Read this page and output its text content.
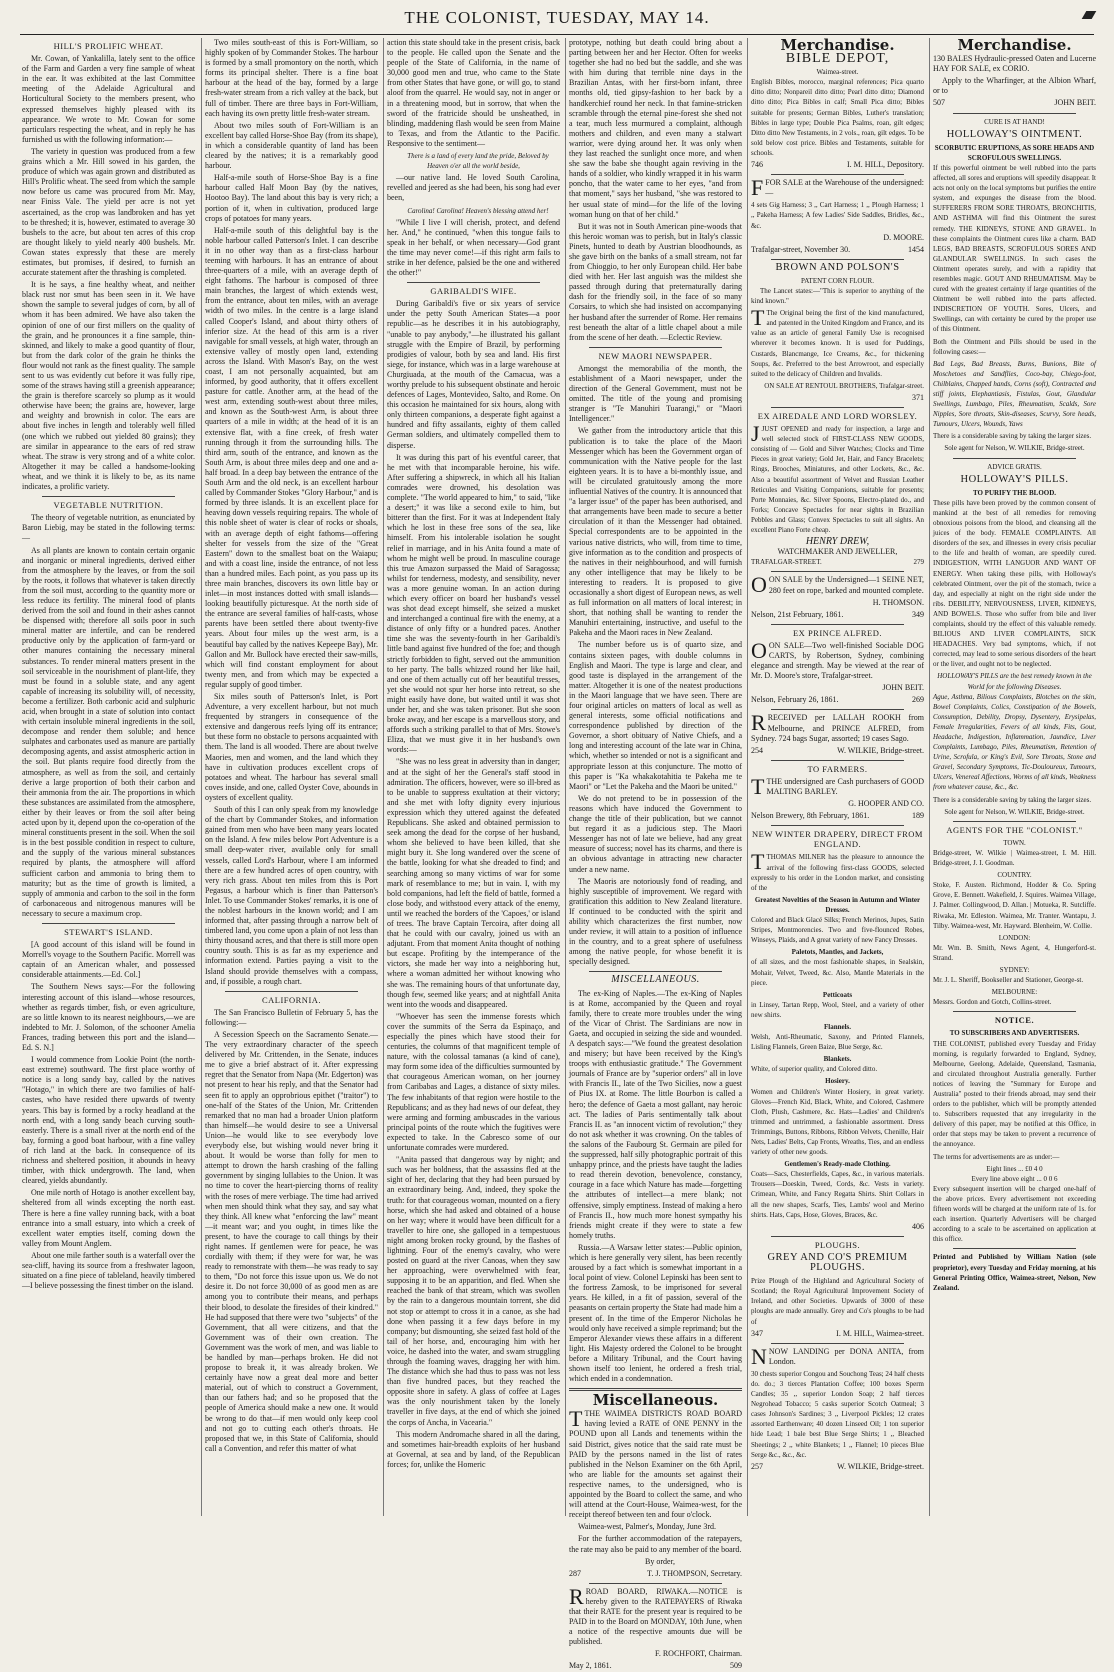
THE COLONIST, TUESDAY, MAY 14.
HILL'S PROLIFIC WHEAT.

Mr. Cowan, of Yankalilla, lately sent to the office of the Farm and Garden a very fine sample of wheat in the ear. It was exhibited at the last Committee meeting of the Adelaide Agricultural and Horticultural Society to the members present, who expressed themselves highly pleased with its appearance. We wrote to Mr. Cowan for some particulars respecting the wheat, and in reply he has furnished us with the following information:—

The variety in question was produced from a few grains which a Mr. Hill sowed in his garden, the produce of which was again grown and distributed as Hill's Prolific wheat. The seed from which the sample now before us came was procured from Mr. May, near Finiss Vale. The yield per acre is not yet ascertained, as the crop was landbroken and has yet to be threshed; it is, however, estimated to average 30 bushels to the acre, but about ten acres of this crop are thought likely to yield nearly 400 bushels. Mr. Cowan states expressly that these are merely estimates, but promises, if desired, to furnish an accurate statement after the thrashing is completed.

It is he says, a fine healthy wheat, and neither black rust nor smut has been seen in it. We have shown the sample to several judges of corn, by all of whom it has been admired. We have also taken the opinion of one of our first millers on the quality of the grain, and he pronounces it a fine sample, thin-skinned, and likely to make a good quantity of flour, but from the dark color of the grain he thinks the flour would not rank as the finest quality. The sample sent to us was evidently cut before it was fully ripe, some of the straws having still a greenish appearance; the grain is therefore scarcely so plump as it would otherwise have been; the grains are, however, large and weighty and brownish in color. The ears are about five inches in length and tolerably well filled (one which we rubbed out yielded 80 grains); they are similar in appearance to the ears of red straw wheat. The straw is very strong and of a white color. Altogether it may be called a handsome-looking wheat, and we think it is likely to be, as its name indicates, a prolific variety.

VEGETABLE NUTRITION.

The theory of vegetable nutrition, as enunciated by Baron Liebig, may be stated in the following terms:—

As all plants are known to contain certain organic and inorganic or mineral ingredients, derived either from the atmosphere by the leaves, or from the soil by the roots, it follows that whatever is taken directly from the soil must, according to the quantity more or less reduce its fertility. The mineral food of plants derived from the soil and found in their ashes cannot be dispensed with; therefore all soils poor in such mineral matter are infertile, and can be rendered productive only by the application of farm-yard or other manures containing the necessary mineral substances. To render mineral matters present in the soil serviceable in the nourishment of plant-life, they must be found in a soluble state, and any agent capable of increasing its solubility will, of necessity, become a fertilizer. Both carbonic acid and sulphuric acid, when brought in a state of solution into contact with certain insoluble mineral ingredients in the soil, decompose and render them soluble; and hence sulphates and carbonates used as manure are partially decomposing agents, and assist atmospheric action in the soil. But plants require food directly from the atmosphere, as well as from the soil, and certainly derive a large proportion of both their carbon and their ammonia from the air. The proportions in which these substances are assimilated from the atmosphere, either by their leaves or from the soil after being acted upon by it, depend upon the co-operation of the mineral constituents present in the soil. When the soil is in the best possible condition in respect to culture, and the supply of the various mineral substances required by plants, the atmosphere will afford sufficient carbon and ammonia to bring them to maturity; but as the time of growth is limited, a supply of ammonia and carbon to the soil in the form of carbonaceous and nitrogenous manures will be necessary to secure a maximum crop.

STEWART'S ISLAND.

[A good account of this island will be found in Morrell's voyage to the Southern Pacific. Morrell was captain of an American whaler, and possessed considerable attainments.—Ed. Col.]

The Southern News says:—For the following interesting account of this island—whose resources, whether as regards timber, fish, or even agriculture, are so little known to its nearest neighbours,—we are indebted to Mr. J. Solomon, of the schooner Amelia Frances, trading between this port and the island—Ed. S. N.]

I would commence from Lookie Point (the north-east extreme) southward. The first place worthy of notice is a long sandy bay, called by the natives "Hotago," in which there are two families of half-castes, who have resided there upwards of twenty years. This bay is formed by a rocky headland at the north end, with a long sandy beach curving south-easterly. There is a small river at the north end of the bay, forming a good boat harbour, with a fine valley of rich land at the back. In consequence of its richness and sheltered position, it abounds in heavy timber, with thick undergrowth. The land, when cleared, yields abundantly.

One mile north of Hotago is another excellent bay, sheltered from all winds excepting the north east. There is here a fine valley running back, with a boat entrance into a small estuary, into which a creek of excellent water empties itself, coming down the valley from Mount Anglem.

About one mile farther south is a waterfall over the sea-cliff, having its source from a freshwater lagoon, situated on a fine piece of tableland, heavily timbered—I believe possessing the finest timber on the island.

Two miles south-east of this is Fort-William, so highly spoken of by Commander Stokes. The harbour is formed by a small promontory on the north, which forms its principal shelter. There is a fine boat harbour at the head of the bay, formed by a large fresh-water stream from a rich valley at the back, but full of timber. There are three bays in Fort-William, each having its own pretty little fresh-water stream.

About two miles south of Fort-William is an excellent bay called Horse-Shoe Bay (from its shape), in which a considerable quantity of land has been cleared by the natives; it is a remarkably good harbour.

Half-a-mile south of Horse-Shoe Bay is a fine harbour called Half Moon Bay (by the natives, Hootoo Bay). The land about this bay is very rich; a portion of it, when in cultivation, produced large crops of potatoes for many years.

Half-a-mile south of this delightful bay is the noble harbour called Patterson's Inlet. I can describe it in no other way than as a first-class harbour teeming with harbours. It has an entrance of about three-quarters of a mile, with an average depth of eight fathoms. The harbour is composed of three main branches, the largest of which extends west, from the entrance, about ten miles, with an average width of two miles. In the centre is a large island called Cooper's Island, and about thirty others of inferior size. At the head of this arm is a river navigable for small vessels, at high water, through an extensive valley of mostly open land, extending across the Island. With Mason's Bay, on the west coast, I am not personally acquainted, but am informed, by good authority, that it offers excellent pasture for cattle. Another arm, at the head of the west arm, extending south-west about three miles, and known as the South-west Arm, is about three quarters of a mile in width; at the head of it is an extensive flat, with a fine creek, of fresh water running through it from the surrounding hills. The third arm, south of the entrance, and known as the South Arm, is about three miles deep and one and a-half broad. In a deep bay between the entrance of the South Arm and the old neck, is an excellent harbour called by Commander Stokes "Glory Harbour," and is formed by three islands. It is an excellent place for heaving down vessels requiring repairs. The whole of this noble sheet of water is clear of rocks or shoals, with an average depth of eight fathoms—offering shelter for vessels from the size of the "Great Eastern" down to the smallest boat on the Waiapu; and with a coast line, inside the entrance, of not less than a hundred miles. Each point, as you pass up its three main branches, discovers its own little bay or inlet—in most instances dotted with small islands—looking beautifully picturesque. At the north side of the entrance are several families of half-casts, whose parents have been settled there about twenty-five years. About four miles up the west arm, is a beautiful bay called by the natives Kepeepe Bay), Mr. Gallon and Mr. Bullock have erected their saw-mills, which will find constant employment for about twenty men, and from which may be expected a regular supply of good timber.

Six miles south of Patterson's Inlet, is Port Adventure, a very excellent harbour, but not much frequented by strangers in consequence of the extensive and dangerous reefs lying off its entrance; but these form no obstacle to persons acquainted with them. The land is all wooded. There are about twelve Maories, men and women, and the land which they have in cultivation produces excellent crops of potatoes and wheat. The harbour has several small coves inside, and one, called Oyster Cove, abounds in oysters of excellent quality.

South of this I can only speak from my knowledge of the chart by Commander Stokes, and information gained from men who have been many years located on the Island. A few miles below Port Adventure is a small deep-water river, available only for small vessels, called Lord's Harbour, where I am informed there are a few hundred acres of open country, with very rich grass. About ten miles from this is Port Pegasus, a harbour which is finer than Patterson's Inlet. To use Commander Stokes' remarks, it is one of the noblest harbours in the known world; and I am informed that, after passing through a narrow belt of timbered land, you come upon a plain of not less than thirty thousand acres, and that there is still more open country south. This is as far as my experience and information extend. Parties paying a visit to the Island should provide themselves with a compass, and, if possible, a rough chart.

CALIFORNIA.

The San Francisco Bulletin of February 5, has the following:—

A Secession Speech on the Sacramento Senate.—The very extraordinary character of the speech delivered by Mr. Crittenden, in the Senate, induces me to give a brief abstract of it. After expressing regret that the Senator from Napa (Mr. Edgerton) was not present to hear his reply, and that the Senator had seen fit to apply an opprobrious epithet ("traitor") to one-half of the States of the Union, Mr. Crittenden remarked that no man had a broader Union platform than himself—he would desire to see a Universal Union—he would like to see everybody love everybody else, but wishing would never bring it about. It would be worse than folly for men to attempt to drown the harsh crashing of the falling government by singing lullabies to the Union. It was no time to cover the heart-piercing thorns of reality with the roses of mere verbiage. The time had arrived when men should think what they say, and say what they think. All knew what "enforcing the law" meant—it meant war; and you ought, in times like the present, to have the courage to call things by their right names. If gentlemen were for peace, he was cordially with them; if they were for war, he was ready to remonstrate with them—he was ready to say to them, "Do not force this issue upon us. We do not desire it. Do not force 30,000 of as good men as are among you to contribute their means, and perhaps their blood, to desolate the firesides of their kindred." He had supposed that there were two "subjects" of the Government, that all were citizens, and that the Government was of their own creation. The Government was the work of men, and was liable to be handled by man—perhaps broken. He did not propose to break it, it was already broken. We certainly have now a great deal more and better material, out of which to construct a Government, than our fathers had; and so he proposed that the people of America should make a new one. It would be wrong to do that—if men would only keep cool and not go to cutting each other's throats. He proposed that we, in this State of California, should call a Convention, and refer this matter of what

action this state should take in the present crisis, back to the people. He called upon the Senate and the people of the State of California, in the name of 30,000 good men and true, who came to the State from other States that have gone, or will go, to stand aloof from the quarrel. He would say, not in anger or in a threatening mood, but in sorrow, that when the sword of the fratricide should be unsheathed, in blinding, maddening flash would be seen from Maine to Texas, and from the Atlantic to the Pacific. Responsive to the sentiment—

There is a land of every land the pride, Beloved by Heaven o'er all the world beside,

—our native land. He loved South Carolina, revelled and jeered as she had been, his song had ever been,

Carolina! Carolina! Heaven's blessing attend her!

"While I live I will cherish, protect, and defend her. And," he continued, "when this tongue fails to speak in her behalf, or when necessary—God grant the time may never come!—if this right arm fails to strike in her defence, palsied be the one and withered the other!"

GARIBALDI'S WIFE.

During Garibaldi's five or six years of service under the petty South American States—a poor republic—as he describes it in his autobiography, "unable to pay anybody,"—he illustrated his gallant struggle with the Empire of Brazil, by performing prodigies of valour, both by sea and land. His first siege, for instance, which was in a large warehouse at Churgiuada, at the mouth of the Camacua, was a worthy prelude to his subsequent obstinate and heroic defences of Lages, Montevideo, Salto, and Rome. On this occasion he maintained for six hours, along with only thirteen companions, a desperate fight against a hundred and fifty assailants, eighty of them called German soldiers, and ultimately compelled them to disperse.

It was during this part of his eventful career, that he met with that incomparable heroine, his wife. After suffering a shipwreck, in which all his Italian comrades were drowned, his desolation was complete. "The world appeared to him," to said, "like a desert;" it was like a second exile to him, but bitterer than the first. For it was at Independent Italy which he lost in these free sons of the sea, like himself. From his intolerable isolation he sought relief in marriage, and in his Anita found a mate of whom he might well be proud. In masculine courage this true Amazon surpassed the Maid of Saragossa; whilst for tenderness, modesty, and sensibility, never was a more genuine woman. In an action during which every officer on board her husband's vessel was shot dead except himself, she seized a musket and interchanged a continual fire with the enemy, at a distance of only fifty or a hundred paces. Another time she was the seventy-fourth in her Garibaldi's little band against five hundred of the foe; and though strictly forbidden to fight, served out the ammunition to her party. The balls whizzed round her like hail, and one of them actually cut off her beautiful tresses, yet she would not spur her horse into retreat, so she might easily have done, but waited until it was shot under her, and she was taken prisoner. But she soon broke away, and her escape is a marvellous story, and affords such a striking parallel to that of Mrs. Stowe's Eliza, that we must give it in her husband's own words:—

"She was no less great in adversity than in danger; and at the sight of her the General's staff stood in admiration. The officers, however, were so ill-bred as to be unable to suppress exultation at their victory; and she met with lofty dignity every injurious expression which they uttered against the defeated Republicans. She asked and obtained permission to seek among the dead for the corpse of her husband, whom she believed to have been killed, that she might bury it. She long wandered over the scene of the battle, looking for what she dreaded to find; and searching among so many victims of war for some mark of resemblance to me; but in vain. I, with my bold companions, had left the field of battle, formed a close body, and withstood every attack of the enemy, until we reached the borders of the 'Capoes,' or island of trees. The brave Captain Tercoira, after doing all that he could with our cavalry, joined us with an adjutant. From that moment Anita thought of nothing but escape. Profiting by the intemperance of the victors, she made her way into a neighboring hut, where a woman admitted her without knowing who she was. The remaining hours of that unfortunate day, though few, seemed like years; and at nightfall Anita went into the woods and disappeared.

"Whoever has seen the immense forests which cover the summits of the Serra da Espinaço, and especially the pines which have stood their for centuries, the columns of that magnificent temple of nature, with the colossal tamanas (a kind of cane), may form some idea of the difficulties surmounted by that courageous American woman, on her journey from Caribabas and Lages, a distance of sixty miles. The few inhabitants of that region were hostile to the Republicans; and as they had news of our defeat, they were arming and forming ambuscades in the various principal points of the route which the fugitives were expected to take. In the Cabresco some of our unfortunate comrades were murdered.

"Anita passed that dangerous way by night; and such was her boldness, that the assassins fled at the sight of her, declaring that they had been pursued by an extraordinary being. And, indeed, they spoke the truth: for that courageous woman, mounted on a fiery horse, which she had asked and obtained of a house on her way; where it would have been difficult for a traveller to hire one, she galloped in a tempestuous night among broken rocky ground, by the flashes of lightning. Four of the enemy's cavalry, who were posted on guard at the river Canoas, when they saw her approaching, were overwhelmed with fear, supposing it to be an apparition, and fled. When she reached the bank of that stream, which was swollen by the rain to a dangerous mountain torrent, she did not stop or attempt to cross it in a canoe, as she had done when passing it a few days before in my company; but dismounting, she seized fast hold of the tail of her horse, and, encouraging him with her voice, he dashed into the water, and swam struggling through the foaming waves, dragging her with him. The distance which she had thus to pass was not less than five hundred paces, but they reached the opposite shore in safety. A glass of coffee at Lages was the only nourishment taken by the lonely traveller in five days, at the end of which she joined the corps of Ancha, in Vacearia."

This modern Andromache shared in all the daring, and sometimes hair-breadth exploits of her husband at Governal, at sea and by land, of the Republican forces; for, unlike the Homeric

prototype, nothing but death could bring about a parting between her and her Hector. Often for weeks together she had no bed but the saddle, and she was with him during that terrible nine days in the Brazilian Antas, with her first-born infant, three months old, tied gipsy-fashion to her back by a handkerchief round her neck. In that famine-stricken scramble through the eternal pine-forest she shed not a tear, much less murmured a complaint, although mothers and children, and even many a stalwart warrior, were dying around her. It was only when they last reached the sunlight once more, and when she saw the babe she thought again reviving in the hands of a soldier, who kindly wrapped it in his warm poncho, that the water came to her eyes, "and from that moment," says her husband, "she was restored to her usual state of mind—for the life of the loving woman hung on that of her child."

But it was not in South American pine-woods that this heroic woman was to perish, but in Italy's classic Pinets, hunted to death by Austrian bloodhounds, as she gave birth on the banks of a small stream, not far from Chioggio, to her only European child. Her babe died with her. Her last anguish was the mildest she passed through during that preternaturally daring dash for the friendly soil, in the face of so many Corsairs, to which she had insisted on accompanying her husband after the surrender of Rome. Her remains rest beneath the altar of a little chapel about a mile from the scene of her death. —Eclectic Review.

NEW MAORI NEWSPAPER.

Amongst the memorabilia of the month, the establishment of a Maori newspaper, under the direction of the General Government, must not be omitted. The title of the young and promising stranger is "Te Manuhiri Tuarangi," or "Maori Intelligencer."

We gather from the introductory article that this publication is to take the place of the Maori Messenger which has been the Government organ of communication with the Native people for the last eighteen years. It is to have a bi-monthly issue, and will be circulated gratuitously among the more influential Natives of the country. It is announced that "a larger issue" of the paper has been authorised, and that arrangements have been made to secure a better circulation of it than the Messenger had obtained. Special correspondents are to be appointed in the various native districts, who will, from time to time, give information as to the condition and prospects of the natives in their neighbourhood, and will furnish any other intelligence that may be likely to be interesting to readers. It is proposed to give occasionally a short digest of European news, as well as full information on all matters of local interest; in short, that nothing shall be wanting to render the Manuhiri entertaining, instructive, and useful to the Pakeha and the Maori races in New Zealand.

The number before us is of quarto size, and contains sixteen pages, with double columns in English and Maori. The type is large and clear, and good taste is displayed in the arrangement of the matter. Altogether it is one of the neatest productions in the Maori language that we have seen. There are four original articles on matters of local as well as general interests, some official notifications and correspondence published by direction of the Governor, a short obituary of Native Chiefs, and a long and interesting account of the late war in China, which, whether so intended or not is a significant and appropriate lesson at this conjuncture. The motto of this paper is "Ka whakakotahitia te Pakeha me te Maori" or "Let the Pakeha and the Maori be united."

We do not pretend to be in possession of the reasons which have induced the Government to change the title of their publication, but we cannot but regard it as a judicious step. The Maori Messenger has not of late we believe, had any great measure of success; novel has its charms, and there is an obvious advantage in attracting new character under a new name.

The Maoris are notoriously fond of reading, and highly susceptible of improvement. We regard with gratification this addition to New Zealand literature. If continued to be conducted with the spirit and ability which characterizes the first number, now under review, it will attain to a position of influence in the country, and to a great sphere of usefulness among the native people, for whose benefit it is specially designed.

MISCELLANEOUS.

The ex-King of Naples.—The ex-King of Naples is at Rome, accompanied by the Queen and royal family, there to create more troubles under the wing of the Vicar of Christ. The Sardinians are now in Gaeta, and occupied in seizing the side and wounded. A despatch says:—"We found the greatest desolation and misery; but have been received by the King's troops with enthusiastic gratitude." The Government journals of France are by "superior orders" all in love with Francis II., late of the Two Sicilies, now a guest of Pius IX. at Rome. The little Bourbon is called a hero; the defence of Gaeta a most gallant, nay heroic act. The ladies of Paris sentimentally talk about Francis II. as "an innocent victim of revolution;" they do not ask whether it was crowning. On the tables of the salons of the Faubourg St. Germain are piled for the suppressed, half silly photographic portrait of this unhappy prince, and the priests have taught the ladies to read therein devotion, benevolence, constancy, courage in a face which Nature has made—forgetting the attributes of intellect—a mere blank; not offensive, simply emptiness. Instead of making a hero of Francis II., how much more honest sympathy his friends might create if they were to state a few homely truths.

Russia.—A Warsaw letter states:—Public opinion, which is here generally very silent, has been recently aroused by a fact which is somewhat important in a local point of view. Colonel Lepinski has been sent to the fortress Zamosk, to be imprisoned for several years. He killed, in a fit of passion, several of the peasants on certain property the State had made him a present of. In the time of the Emperor Nicholas he would only have received a simple reprimand; but the Emperor Alexander views these affairs in a different light. His Majesty ordered the Colonel to be brought before a Military Tribunal, and the Court having shown itself too lenient, he ordered a fresh trial, which ended in a condemnation.

Miscellaneous.
T THE WAIMEA DISTRICTS ROAD BOARD having levied a RATE of ONE PENNY in the POUND upon all Lands and tenements within the said District, gives notice that the said rate must be PAID by the persons named in the list of rates published in the Nelson Examiner on the 6th April, who are liable for the amounts set against their respective names, to the undersigned, who is appointed by the Board to collect the same, and who will attend at the Court-House, Waimea-west, for the receipt thereof between ten and four o'clock.

Waimea-west, Palmer's, Monday, June 3rd.

For the further accommodation of the ratepayers, the rate may also be paid to any member of the board.

By order,

287	T. J. THOMPSON, Secretary.
R ROAD BOARD, RIWAKA.—NOTICE is hereby given to the RATEPAYERS of Riwaka that their RATE for the present year is required to be PAID in to the Board on MONDAY, 10th June, when a notice of the respective amounts due will be published.

F. ROCHFORT, Chairman.

May 2, 1861.	509
Merchandise.
BIBLE DEPOT,
Waimea-street.

English Bibles, morocco, marginal references; Pica quarto ditto ditto; Nonpareil ditto ditto; Pearl ditto ditto; Diamond ditto ditto; Pica Bibles in calf; Small Pica ditto; Bibles suitable for presents; German Bibles, Luther's translation; Bibles in large type; Double Pica Psalms, roan, gilt edges; Ditto ditto New Testaments, in 2 vols., roan, gilt edges. To be sold below cost price. Bibles and Testaments, suitable for schools.

746	I. M. HILL, Depository.
F FOR SALE at the Warehouse of the undersigned:—

4 sets Gig Harness; 3 ,, Cart Harness; 1 ,, Plough Harness; 1 ,, Pakeha Harness; A few Ladies' Side Saddles, Bridles, &c., &c.

D. MOORE.

Trafalgar-street, November 30.	1454
BROWN AND POLSON'S
PATENT CORN FLOUR.

The Lancet states:—"This is superior to anything of the kind known."

T The Original being the first of the kind manufactured, and patented in the United Kingdom and France, and its value as an article of general Family Use is recognised wherever it becomes known. It is used for Puddings, Custards, Blancmange, Ice Creams, &c., for thickening Soups, &c. Preferred to the best Arrowroot, and especially suited to the delicacy of Children and Invalids.

ON SALE AT RENTOUL BROTHERS, Trafalgar-street.

371
EX AIREDALE AND LORD WORSLEY.
J JUST OPENED and ready for inspection, a large and well selected stock of FIRST-CLASS NEW GOODS, consisting of — Gold and Silver Watches; Clocks and Time Pieces in great variety; Gold Jet, Hair, and Fancy Bracelets; Rings, Brooches, Miniatures, and other Lockets, &c., &c. Also a beautiful assortment of Velvet and Russian Leather Reticules and Visiting Companions, suitable for presents; Porte Monnaies, &c. Silver Spoons, Electro-plated do., and Forks; Concave Spectacles for near sights in Brazilian Pebbles and Glass; Convex Spectacles to suit all sights. An excellent Piano Forte cheap.

HENRY DREW,
WATCHMAKER AND JEWELLER,
TRAFALGAR-STREET.	279
O ON SALE by the Undersigned—1 SEINE NET, 280 feet on rope, barked and mounted complete.

H. THOMSON.

Nelson, 21st February, 1861.	349
EX PRINCE ALFRED.
O ON SALE—Two well-finished Sociable DOG CARTS, by Robertson, Sydney, combining elegance and strength. May be viewed at the rear of Mr. D. Moore's store, Trafalgar-street.

JOHN BEIT.

Nelson, February 26, 1861.	269
R RECEIVED per LALLAH ROOKH from Melbourne, and PRINCE ALFRED, from Sydney. 724 bags Sugar, assorted; 19 cases Sago.

254	W. WILKIE, Bridge-street.
TO FARMERS.
T THE undersigned are Cash purchasers of GOOD MALTING BARLEY.

G. HOOPER AND CO.

Nelson Brewery, 8th February, 1861.	189
NEW WINTER DRAPERY, DIRECT FROM ENGLAND.
T THOMAS MILNER has the pleasure to announce the arrival of the following first-class GOODS, selected expressly to his order in the London market, and consisting of the

Greatest Novelties of the Season in Autumn and Winter Dresses.

Colored and Black Glacé Silks; French Merinos, Jupes, Satin Stripes, Montmorencies. Two and five-flounced Robes, Winseys, Plaids, and A great variety of new Fancy Dresses.

Paletots, Mantles, and Jackets,

of all sizes, and the most fashionable shapes, in Sealskin, Mohair, Velvet, Tweed, &c. Also, Mantle Materials in the piece.

Petticoats

in Linsey, Tartan Repp, Wool, Steel, and a variety of other new shirts.

Flannels.

Welsh, Anti-Rheumatic, Saxony, and Printed Flannels, Lisling Flannels, Green Baize, Blue Serge, &c.

Blankets.

White, of superior quality, and Colored ditto.

Hosiery.

Women and Children's Winter Hosiery, in great variety. Gloves—French Kid, Black, White, and Colored, Cashmere Cloth, Plush, Cashmere, &c. Hats—Ladies' and Children's trimmed and untrimmed, a fashionable assortment. Dress Trimmings, Buttons, Ribbons, Ribbon Velvets, Chenille, Hair Nets, Ladies' Belts, Cap Fronts, Wreaths, Ties, and an endless variety of other new goods.

Gentlemen's Ready-made Clothing.

Coats—Sacs, Chesterfields, Capes, &c., in various materials. Trousers—Doeskin, Tweed, Cords, &c. Vests in variety. Crimean, White, and Fancy Regatta Shirts. Shirt Collars in all the new shapes, Scarfs, Ties, Lambs' wool and Merino shirts. Hats, Caps, Hose, Gloves, Braces, &c.

406
PLOUGHS.
GREY AND CO'S PREMIUM PLOUGHS.

Prize Plough of the Highland and Agricultural Society of Scotland; the Royal Agricultural Improvement Society of Ireland, and other Societies. Upwards of 3000 of these ploughs are made annually. Grey and Co's ploughs to be had of

347	I. M. HILL, Waimea-street.
N NOW LANDING per DONA ANITA, from London.

30 chests superior Congou and Souchong Teas; 24 half chests do. do.; 3 tierces Plantation Coffee; 100 boxes Sperm Candles; 35 ,, superior London Soap; 2 half tierces Negrohead Tobacco; 5 casks superior Scotch Oatmeal; 3 cases Johnson's Sardines; 3 ,, Liverpool Pickles; 12 crates assorted Earthenware; 40 dozen Linseed Oil; 1 ton superior hide Lead; 1 bale best Blue Serge Shirts; 1 ,, Bleached Sheetings; 2 ,, white Blankets; 1 ,, Flannel; 10 pieces Blue Serge &c., &c., &c.

257	W. WILKIE, Bridge-street.
Merchandise.

130 BALES Hydraulic-pressed Oaten and Lucerne HAY FOR SALE, ex CORIO.

Apply to the Wharfinger, at the Albion Wharf, or to

507	JOHN BEIT.
CURE IS AT HAND!
HOLLOWAY'S OINTMENT.
SCORBUTIC ERUPTIONS, AS SORE HEADS AND SCROFULOUS SWELLINGS.

If this powerful ointment be well rubbed into the parts affected, all sores and eruptions will speedily disappear. It acts not only on the local symptoms but purifies the entire system, and expunges the disease from the blood. SUFFERERS FROM SORE THROATS, BRONCHITIS, AND ASTHMA will find this Ointment the surest remedy. THE KIDNEYS, STONE AND GRAVEL. In these complaints the Ointment cures like a charm. BAD LEGS, BAD BREASTS, SCROFULOUS SORES AND GLANDULAR SWELLINGS. In such cases the Ointment operates surely, and with a rapidity that resembles magic. GOUT AND RHEUMATISM. May be cured with the greatest certainty if large quantities of the Ointment be well rubbed into the parts affected. INDISCRETION OF YOUTH. Sores, Ulcers, and Swellings, can with certainty be cured by the proper use of this Ointment.

Both the Ointment and Pills should be used in the following cases:—

Bad Legs, Bad Breasts, Burns, Bunions, Bite of Moschetoes and Sandflies, Coco-bay, Chiego-foot, Chilblains, Chapped hands, Corns (soft), Contracted and stiff joints, Elephantiasis, Fistulas, Gout, Glandular Swellings, Lumbago, Piles, Rheumatism, Scalds, Sore Nipples, Sore throats, Skin-diseases, Scurvy, Sore heads, Tumours, Ulcers, Wounds, Yaws

There is a considerable saving by taking the larger sizes.

Sole agent for Nelson, W. WILKIE, Bridge-street.
ADVICE GRATIS.
HOLLOWAY'S PILLS.
TO PURIFY THE BLOOD.

These pills have been proved by the common consent of mankind at the best of all remedies for removing obnoxious poisons from the blood, and cleansing all the juices of the body. FEMALE COMPLAINTS. All disorders of the sex, and illnesses in every crisis peculiar to the life and health of woman, are speedily cured. INDIGESTION, WITH LANGUOR AND WANT OF ENERGY. When taking these pills, with Holloway's celebrated Ointment, over the pit of the stomach, twice a day, and especially at night on the right side under the ribs. DEBILITY, NERVOUSNESS, LIVER, KIDNEYS, AND BOWELS. Those who suffer from bile and liver complaints, should try the effect of this valuable remedy. BILIOUS AND LIVER COMPLAINTS, SICK HEADACHES. Very bad symptoms, which, if not corrected, may lead to some serious disorders of the heart or the liver, and ought not to be neglected.

HOLLOWAY'S PILLS are the best remedy known in the World for the following Diseases.

Ague, Asthma, Bilious Complaints, Blotches on the skin, Bowel Complaints, Colics, Constipation of the Bowels, Consumption, Debility, Dropsy, Dysentery, Erysipelas, Female Irregularities, Fevers of all kinds, Fits, Gout, Headache, Indigestion, Inflammation, Jaundice, Liver Complaints, Lumbago, Piles, Rheumatism, Retention of Urine, Scrofula, or King's Evil, Sore Throats, Stone and Gravel, Secondary Symptoms, Tic-Douloureux, Tumours, Ulcers, Venereal Affections, Worms of all kinds, Weakness from whatever cause, &c., &c.

There is a considerable saving by taking the larger sizes.

Sole agent for Nelson, W. WILKIE, Bridge-street.
AGENTS FOR THE "COLONIST."
TOWN.

Bridge-street, W. Wilkie | Waimea-street, I. M. Hill. Bridge-street, J. I. Goodman.

COUNTRY.

Stoke, F. Austen. Richmond, Hodder & Co. Spring Grove, E. Bennett. Wakefield, J. Squires. Waimea Village, J. Palmer. Collingwood, D. Allan. | Motueka, R. Sutcliffe. Riwaka, Mr. Edleston. Waimea, Mr. Tranter. Wantapu, J. Tilby. Waimea-west, Mr. Hayward. Blenheim, W. Collie.

LONDON:

Mr. Wm. B. Smith, News Agent, 4, Hungerford-st. Strand.

SYDNEY:

Mr. J. L. Sheriff, Bookseller and Stationer, George-st.

MELBOURNE:

Messrs. Gordon and Gotch, Collins-street.

NOTICE.
TO SUBSCRIBERS AND ADVERTISERS.

THE COLONIST, published every Tuesday and Friday morning, is regularly forwarded to England, Sydney, Melbourne, Geelong, Adelaide, Queensland, Tasmania, and circulated throughout Australia generally. Further notices of leaving the "Summary for Europe and Australia" posted to their friends abroad, may send their orders to the publisher, which will be promptly attended to. Subscribers requested that any irregularity in the delivery of this paper, may be notified at this Office, in order that steps may be taken to prevent a recurrence of the annoyance.

The terms for advertisements are as under:—

Eight lines ... £0 4 0
Every line above eight ... 0 0 6

Every subsequent insertion will be charged one-half of the above prices. Every advertisement not exceeding fifteen words will be charged at the uniform rate of 1s. for each insertion. Quarterly Advertisers will be charged according to a scale to be ascertained on application at this office.

Printed and Published by William Nation (sole proprietor), every Tuesday and Friday morning, at his General Printing Office, Waimea-street, Nelson, New Zealand.
